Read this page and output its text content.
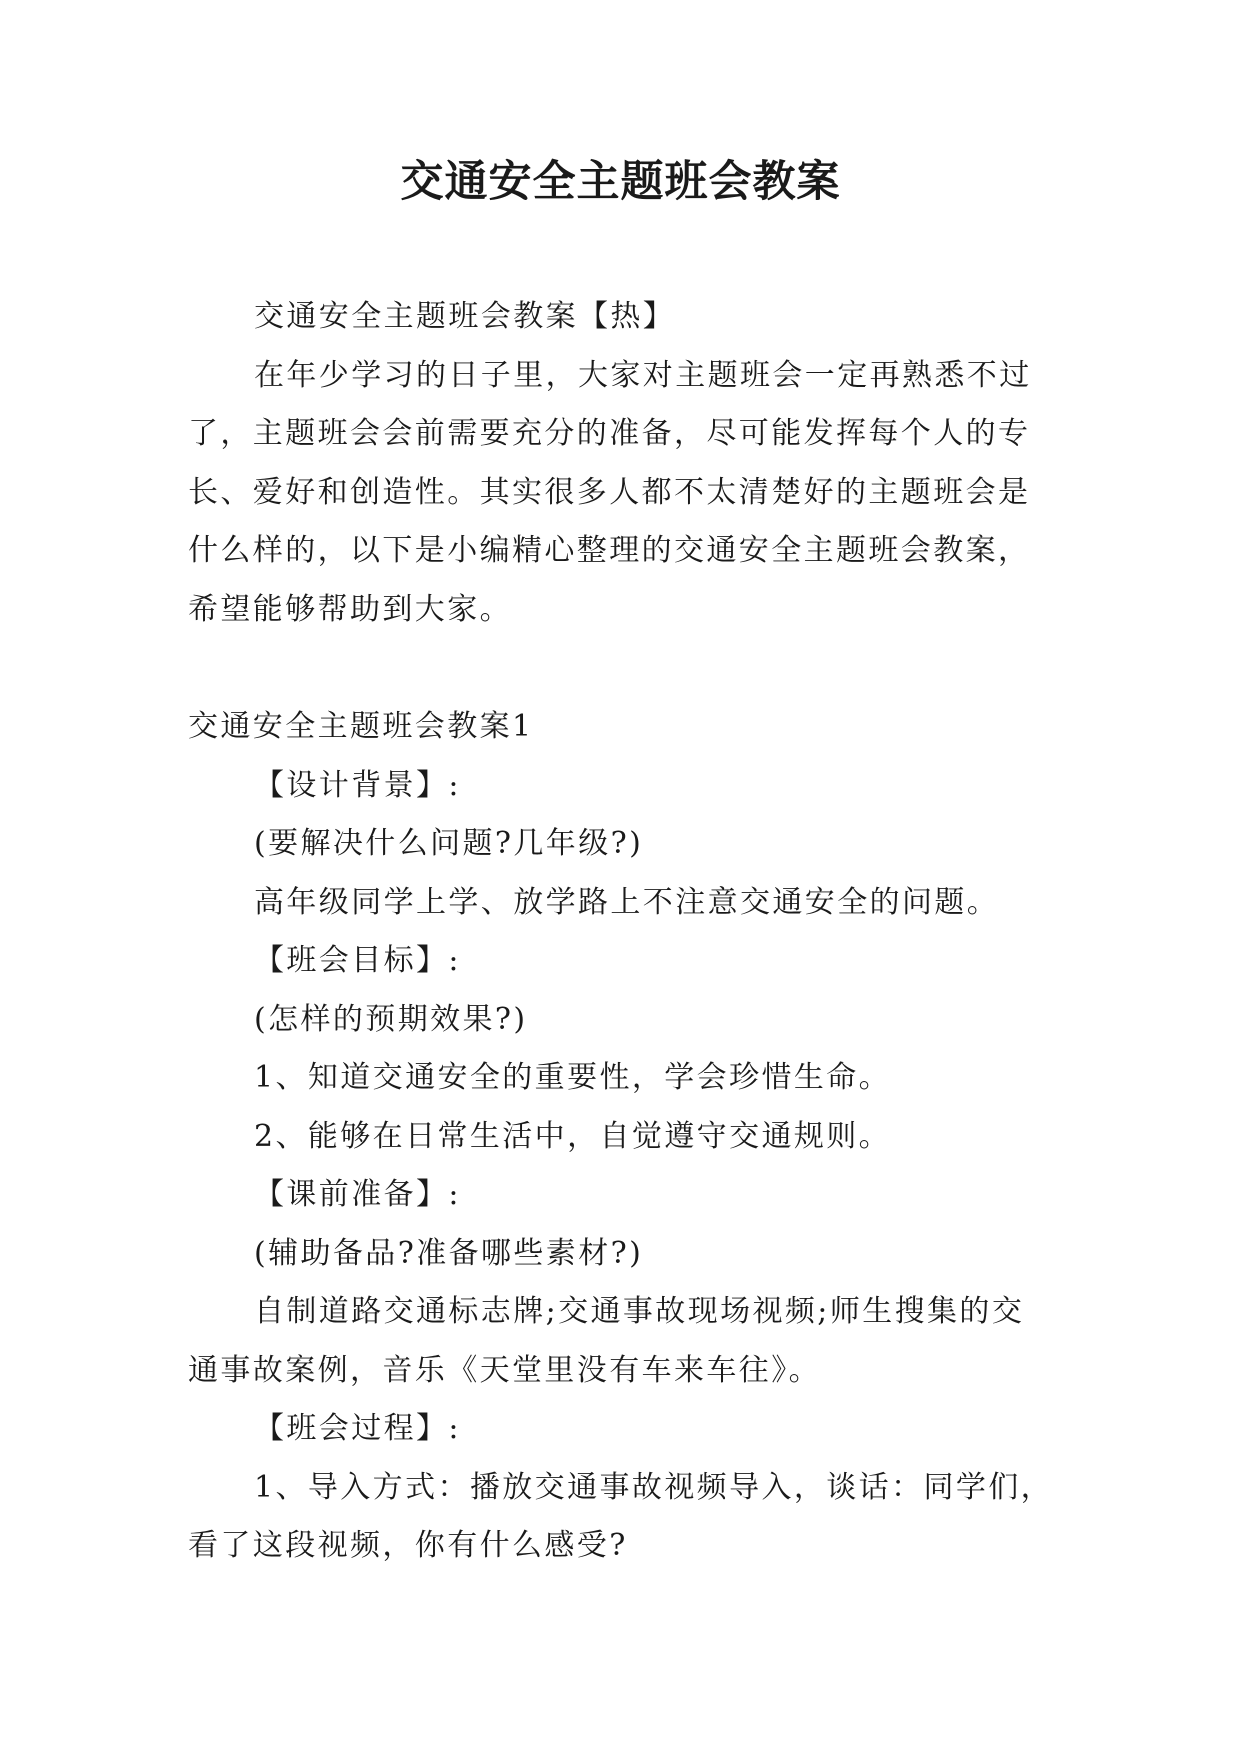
交通安全主题班会教案

交通安全主题班会教案【热】

在年少学习的日子里，大家对主题班会一定再熟悉不过了，主题班会会前需要充分的准备，尽可能发挥每个人的专长、爱好和创造性。其实很多人都不太清楚好的主题班会是什么样的，以下是小编精心整理的交通安全主题班会教案，希望能够帮助到大家。

交通安全主题班会教案1

【设计背景】:

(要解决什么问题?几年级?)

高年级同学上学、放学路上不注意交通安全的问题。

【班会目标】:

(怎样的预期效果?)

1、知道交通安全的重要性，学会珍惜生命。

2、能够在日常生活中，自觉遵守交通规则。

【课前准备】:

(辅助备品?准备哪些素材?)

自制道路交通标志牌;交通事故现场视频;师生搜集的交通事故案例，音乐《天堂里没有车来车往》。

【班会过程】:

1、导入方式：播放交通事故视频导入，谈话：同学们，看了这段视频，你有什么感受?
